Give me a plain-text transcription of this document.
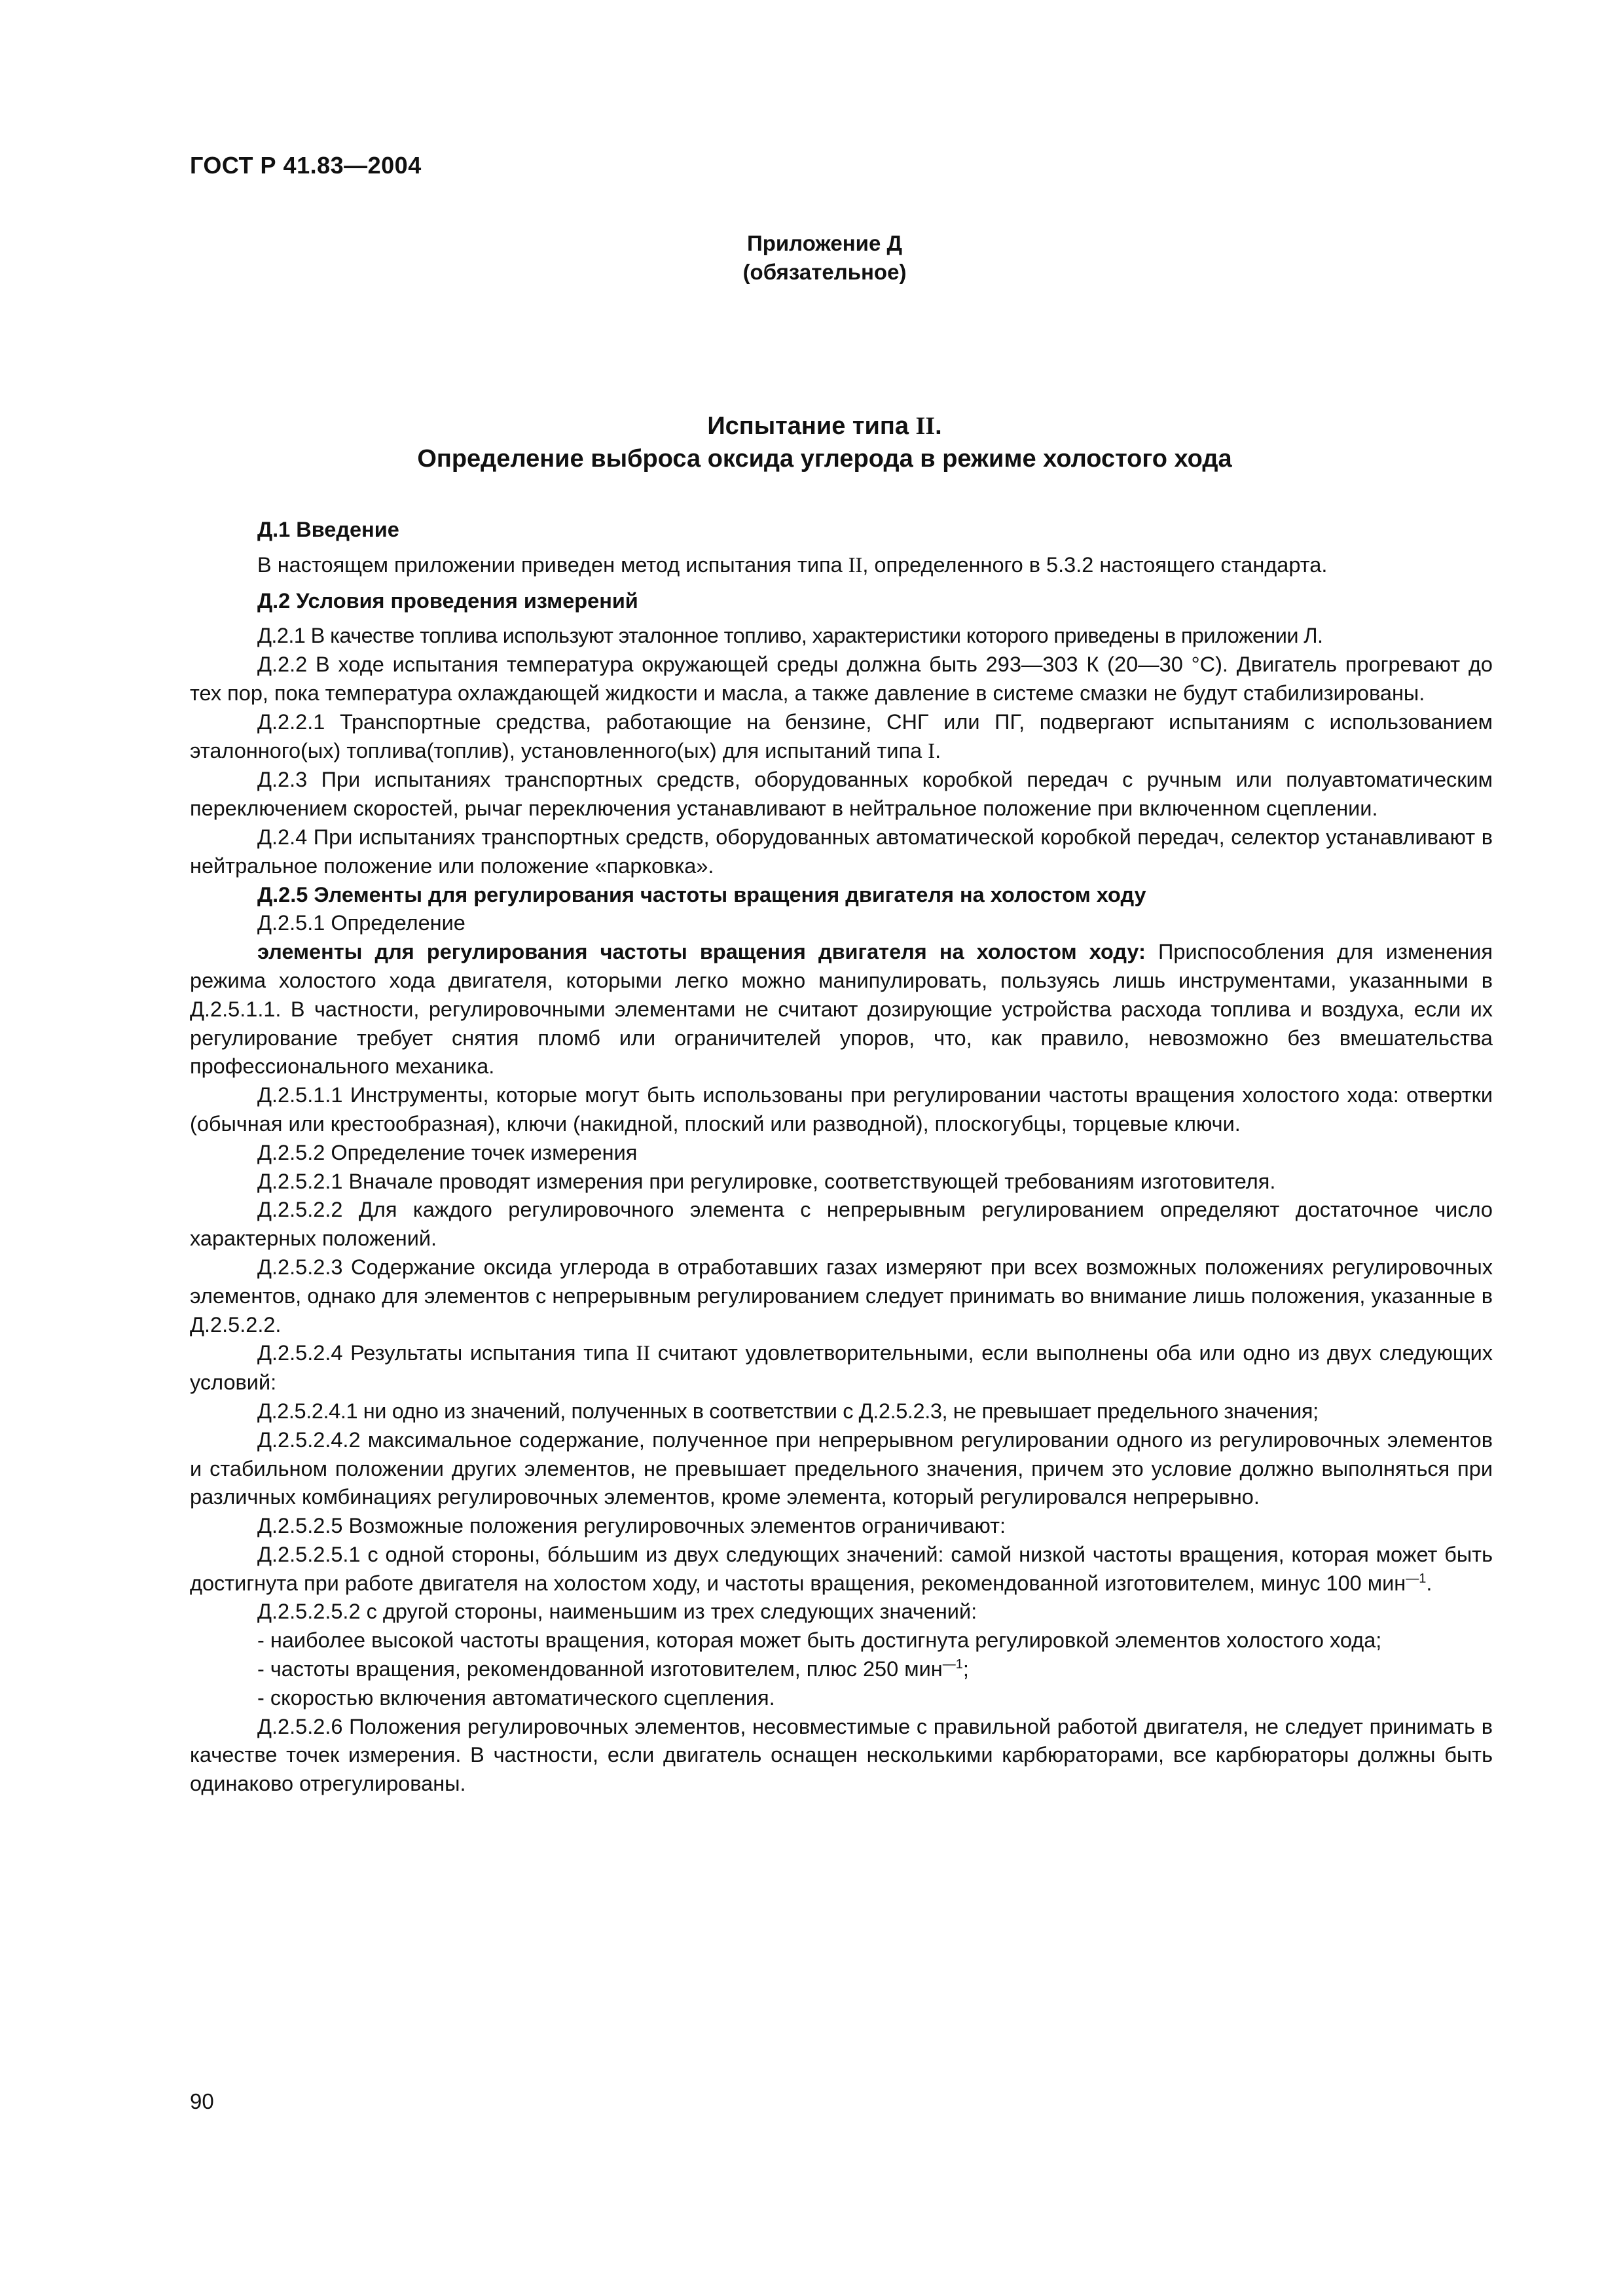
ГОСТ Р 41.83—2004
Приложение Д
(обязательное)
Испытание типа II.
Определение выброса оксида углерода в режиме холостого хода

Д.1 Введение

В настоящем приложении приведен метод испытания типа II, определенного в 5.3.2 настоящего стандарта.

Д.2 Условия проведения измерений

Д.2.1 В качестве топлива используют эталонное топливо, характеристики которого приведены в приложении Л.

Д.2.2 В ходе испытания температура окружающей среды должна быть 293—303 К (20—30 °С). Двигатель прогревают до тех пор, пока температура охлаждающей жидкости и масла, а также давление в системе смазки не будут стабилизированы.

Д.2.2.1 Транспортные средства, работающие на бензине, СНГ или ПГ, подвергают испытаниям с использованием эталонного(ых) топлива(топлив), установленного(ых) для испытаний типа I.

Д.2.3 При испытаниях транспортных средств, оборудованных коробкой передач с ручным или полуавтоматическим переключением скоростей, рычаг переключения устанавливают в нейтральное положение при включенном сцеплении.

Д.2.4 При испытаниях транспортных средств, оборудованных автоматической коробкой передач, селектор устанавливают в нейтральное положение или положение «парковка».

Д.2.5 Элементы для регулирования частоты вращения двигателя на холостом ходу

Д.2.5.1 Определение

элементы для регулирования частоты вращения двигателя на холостом ходу: Приспособления для изменения режима холостого хода двигателя, которыми легко можно манипулировать, пользуясь лишь инструментами, указанными в Д.2.5.1.1. В частности, регулировочными элементами не считают дозирующие устройства расхода топлива и воздуха, если их регулирование требует снятия пломб или ограничителей упоров, что, как правило, невозможно без вмешательства профессионального механика.

Д.2.5.1.1 Инструменты, которые могут быть использованы при регулировании частоты вращения холостого хода: отвертки (обычная или крестообразная), ключи (накидной, плоский или разводной), плоскогубцы, торцевые ключи.

Д.2.5.2 Определение точек измерения

Д.2.5.2.1 Вначале проводят измерения при регулировке, соответствующей требованиям изготовителя.

Д.2.5.2.2 Для каждого регулировочного элемента с непрерывным регулированием определяют достаточное число характерных положений.

Д.2.5.2.3 Содержание оксида углерода в отработавших газах измеряют при всех возможных положениях регулировочных элементов, однако для элементов с непрерывным регулированием следует принимать во внимание лишь положения, указанные в Д.2.5.2.2.

Д.2.5.2.4 Результаты испытания типа II считают удовлетворительными, если выполнены оба или одно из двух следующих условий:

Д.2.5.2.4.1 ни одно из значений, полученных в соответствии с Д.2.5.2.3, не превышает предельного значения;

Д.2.5.2.4.2 максимальное содержание, полученное при непрерывном регулировании одного из регулировочных элементов и стабильном положении других элементов, не превышает предельного значения, причем это условие должно выполняться при различных комбинациях регулировочных элементов, кроме элемента, который регулировался непрерывно.

Д.2.5.2.5 Возможные положения регулировочных элементов ограничивают:

Д.2.5.2.5.1 с одной стороны, бóльшим из двух следующих значений: самой низкой частоты вращения, которая может быть достигнута при работе двигателя на холостом ходу, и частоты вращения, рекомендованной изготовителем, минус 100 мин$^{—1}$.

Д.2.5.2.5.2 с другой стороны, наименьшим из трех следующих значений:

- наиболее высокой частоты вращения, которая может быть достигнута регулировкой элементов холостого хода;

- частоты вращения, рекомендованной изготовителем, плюс 250 мин$^{—1}$;

- скоростью включения автоматического сцепления.

Д.2.5.2.6 Положения регулировочных элементов, несовместимые с правильной работой двигателя, не следует принимать в качестве точек измерения. В частности, если двигатель оснащен несколькими карбюраторами, все карбюраторы должны быть одинаково отрегулированы.

90
